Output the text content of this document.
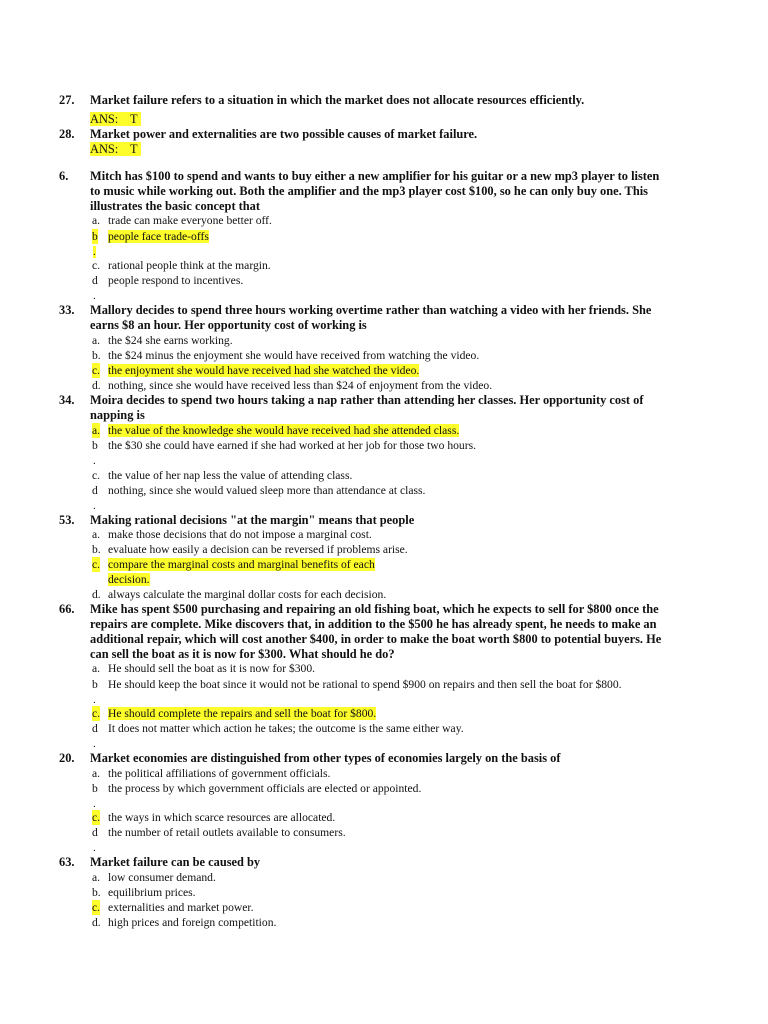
27.	Market failure refers to a situation in which the market does not allocate resources efficiently.
ANS: T
28.	Market power and externalities are two possible causes of market failure.
ANS: T
6.	Mitch has $100 to spend and wants to buy either a new amplifier for his guitar or a new mp3 player to listen
to music while working out. Both the amplifier and the mp3 player cost $100, so he can only buy one. This
illustrates the basic concept that
a. trade can make everyone better off.
b people face trade-offs
.
c. rational people think at the margin.
d people respond to incentives.
.
33.	Mallory decides to spend three hours working overtime rather than watching a video with her friends. She
earns $8 an hour. Her opportunity cost of working is
a. the $24 she earns working.
b. the $24 minus the enjoyment she would have received from watching the video.
c. the enjoyment she would have received had she watched the video.
d. nothing, since she would have received less than $24 of enjoyment from the video.
34.	Moira decides to spend two hours taking a nap rather than attending her classes. Her opportunity cost of
napping is
a. the value of the knowledge she would have received had she attended class.
b the $30 she could have earned if she had worked at her job for those two hours.
.
c. the value of her nap less the value of attending class.
d nothing, since she would valued sleep more than attendance at class.
.
53.	Making rational decisions "at the margin" means that people
a. make those decisions that do not impose a marginal cost.
b. evaluate how easily a decision can be reversed if problems arise.
c. compare the marginal costs and marginal benefits of each
decision.
d. always calculate the marginal dollar costs for each decision.
66.	Mike has spent $500 purchasing and repairing an old fishing boat, which he expects to sell for $800 once the
repairs are complete. Mike discovers that, in addition to the $500 he has already spent, he needs to make an
additional repair, which will cost another $400, in order to make the boat worth $800 to potential buyers. He
can sell the boat as it is now for $300. What should he do?
a. He should sell the boat as it is now for $300.
b He should keep the boat since it would not be rational to spend $900 on repairs and then sell the boat for $800.
.
c. He should complete the repairs and sell the boat for $800.
d It does not matter which action he takes; the outcome is the same either way.
.
20.	Market economies are distinguished from other types of economies largely on the basis of
a. the political affiliations of government officials.
b the process by which government officials are elected or appointed.
.
c. the ways in which scarce resources are allocated.
d the number of retail outlets available to consumers.
.
63.	Market failure can be caused by
a. low consumer demand.
b. equilibrium prices.
c. externalities and market power.
d. high prices and foreign competition.
